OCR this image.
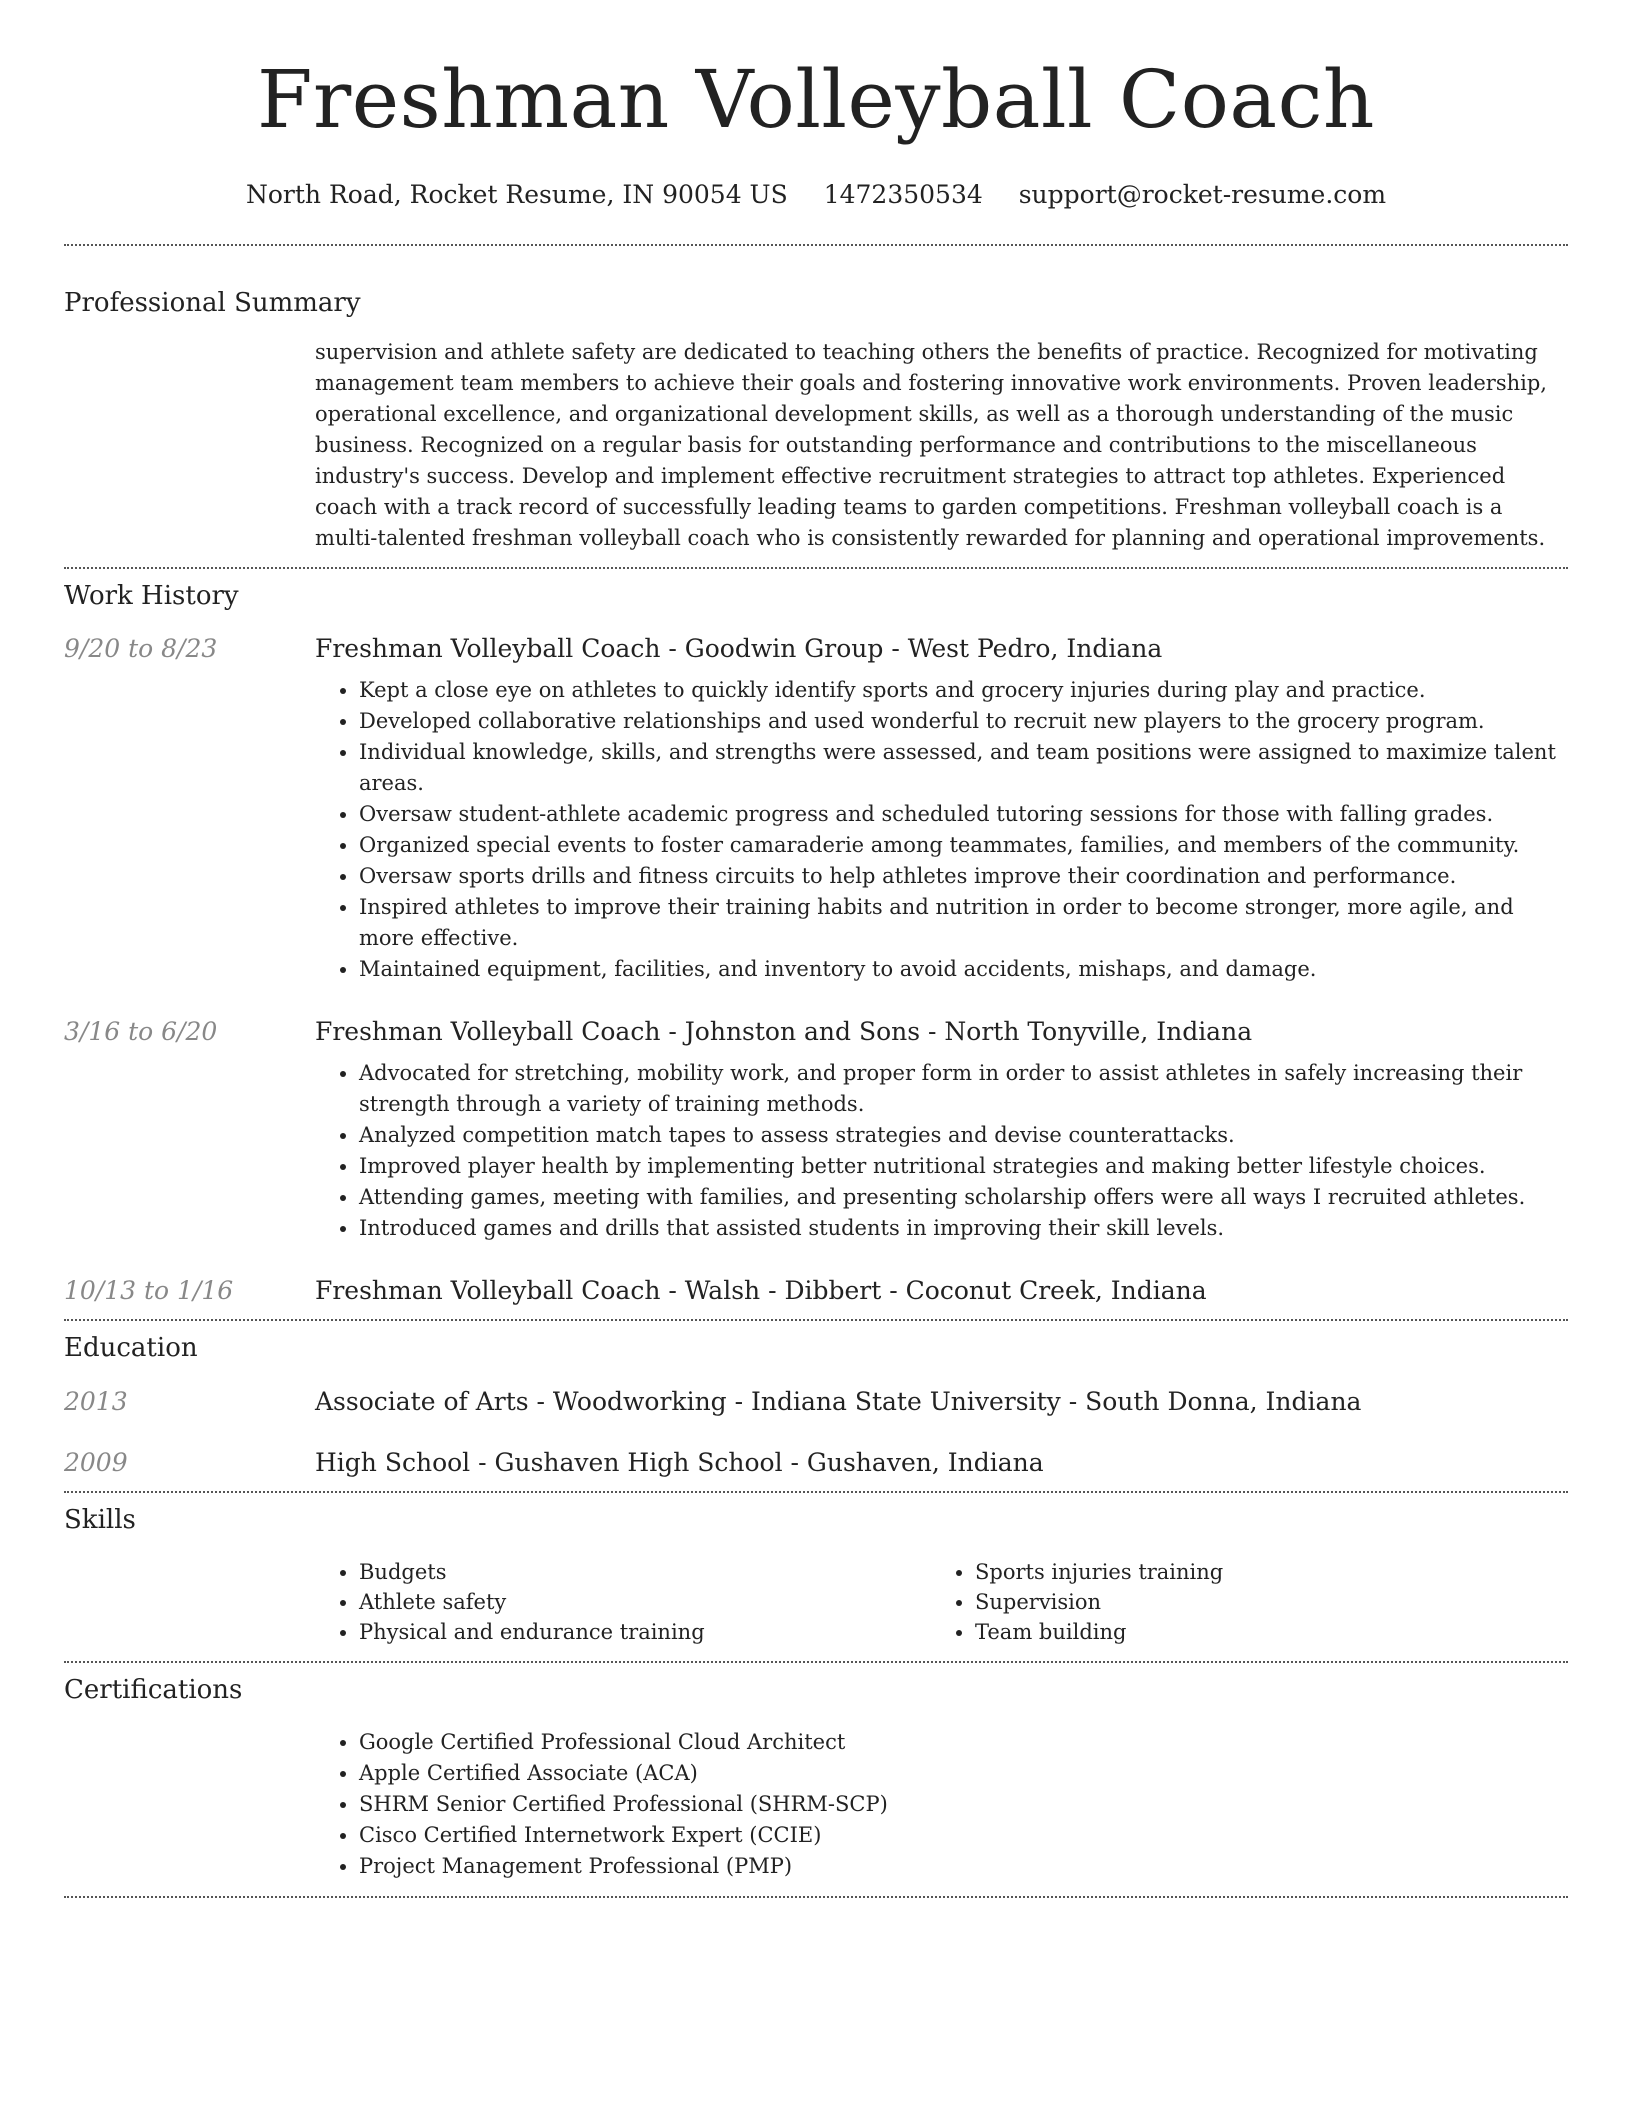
Freshman Volleyball Coach
North Road, Rocket Resume, IN 90054 US 1472350534 support@rocket-resume.com
Professional Summary
supervision and athlete safety are dedicated to teaching others the benefits of practice. Recognized for motivating management team members to achieve their goals and fostering innovative work environments. Proven leadership, operational excellence, and organizational development skills, as well as a thorough understanding of the music business. Recognized on a regular basis for outstanding performance and contributions to the miscellaneous industry's success. Develop and implement effective recruitment strategies to attract top athletes. Experienced coach with a track record of successfully leading teams to garden competitions. Freshman volleyball coach is a multi-talented freshman volleyball coach who is consistently rewarded for planning and operational improvements.
Work History
9/20 to 8/23	Freshman Volleyball Coach - Goodwin Group - West Pedro, Indiana
• Kept a close eye on athletes to quickly identify sports and grocery injuries during play and practice.
• Developed collaborative relationships and used wonderful to recruit new players to the grocery program.
• Individual knowledge, skills, and strengths were assessed, and team positions were assigned to maximize talent areas.
• Oversaw student-athlete academic progress and scheduled tutoring sessions for those with falling grades.
• Organized special events to foster camaraderie among teammates, families, and members of the community.
• Oversaw sports drills and fitness circuits to help athletes improve their coordination and performance.
• Inspired athletes to improve their training habits and nutrition in order to become stronger, more agile, and more effective.
• Maintained equipment, facilities, and inventory to avoid accidents, mishaps, and damage.
3/16 to 6/20	Freshman Volleyball Coach - Johnston and Sons - North Tonyville, Indiana
• Advocated for stretching, mobility work, and proper form in order to assist athletes in safely increasing their strength through a variety of training methods.
• Analyzed competition match tapes to assess strategies and devise counterattacks.
• Improved player health by implementing better nutritional strategies and making better lifestyle choices.
• Attending games, meeting with families, and presenting scholarship offers were all ways I recruited athletes.
• Introduced games and drills that assisted students in improving their skill levels.
10/13 to 1/16	Freshman Volleyball Coach - Walsh - Dibbert - Coconut Creek, Indiana
Education
2013	Associate of Arts - Woodworking - Indiana State University - South Donna, Indiana
2009	High School - Gushaven High School - Gushaven, Indiana
Skills
• Budgets
• Athlete safety
• Physical and endurance training
• Sports injuries training
• Supervision
• Team building
Certifications
• Google Certified Professional Cloud Architect
• Apple Certified Associate (ACA)
• SHRM Senior Certified Professional (SHRM-SCP)
• Cisco Certified Internetwork Expert (CCIE)
• Project Management Professional (PMP)
